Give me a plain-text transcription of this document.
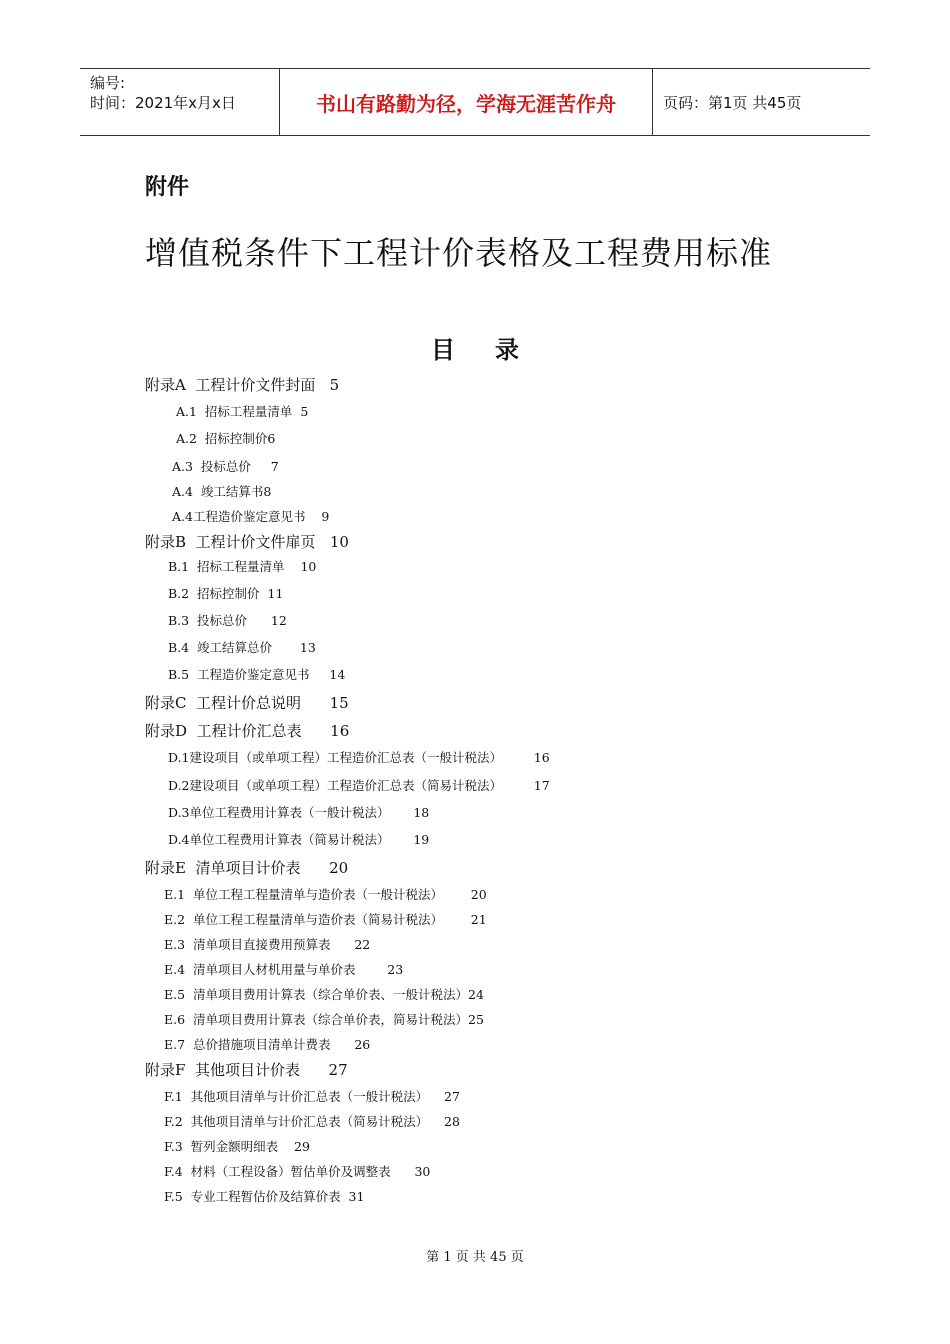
编号:
时间：2021年x月x日	书山有路勤为径，学海无涯苦作舟	页码：第1页 共45页
附件
增值税条件下工程计价表格及工程费用标准
目录
附录A  工程计价文件封面   5
A.1  招标工程量清单  5
A.2  招标控制价6
A.3  投标总价     7
A.4  竣工结算书8
A.4工程造价鉴定意见书    9
附录B  工程计价文件扉页   10
B.1  招标工程量清单    10
B.2  招标控制价  11
B.3  投标总价      12
B.4  竣工结算总价       13
B.5  工程造价鉴定意见书     14
附录C  工程计价总说明      15
附录D  工程计价汇总表      16
D.1建设项目（或单项工程）工程造价汇总表（一般计税法）        16
D.2建设项目（或单项工程）工程造价汇总表（简易计税法）        17
D.3单位工程费用计算表（一般计税法）      18
D.4单位工程费用计算表（简易计税法）      19
附录E  清单项目计价表      20
E.1  单位工程工程量清单与造价表（一般计税法）       20
E.2  单位工程工程量清单与造价表（简易计税法）       21
E.3  清单项目直接费用预算表      22
E.4  清单项目人材机用量与单价表        23
E.5  清单项目费用计算表（综合单价表、一般计税法）24
E.6  清单项目费用计算表（综合单价表，简易计税法）25
E.7  总价措施项目清单计费表      26
附录F  其他项目计价表      27
F.1  其他项目清单与计价汇总表（一般计税法）    27
F.2  其他项目清单与计价汇总表（简易计税法）    28
F.3  暂列金额明细表    29
F.4  材料（工程设备）暂估单价及调整表      30
F.5  专业工程暂估价及结算价表  31
第 1 页 共 45 页
